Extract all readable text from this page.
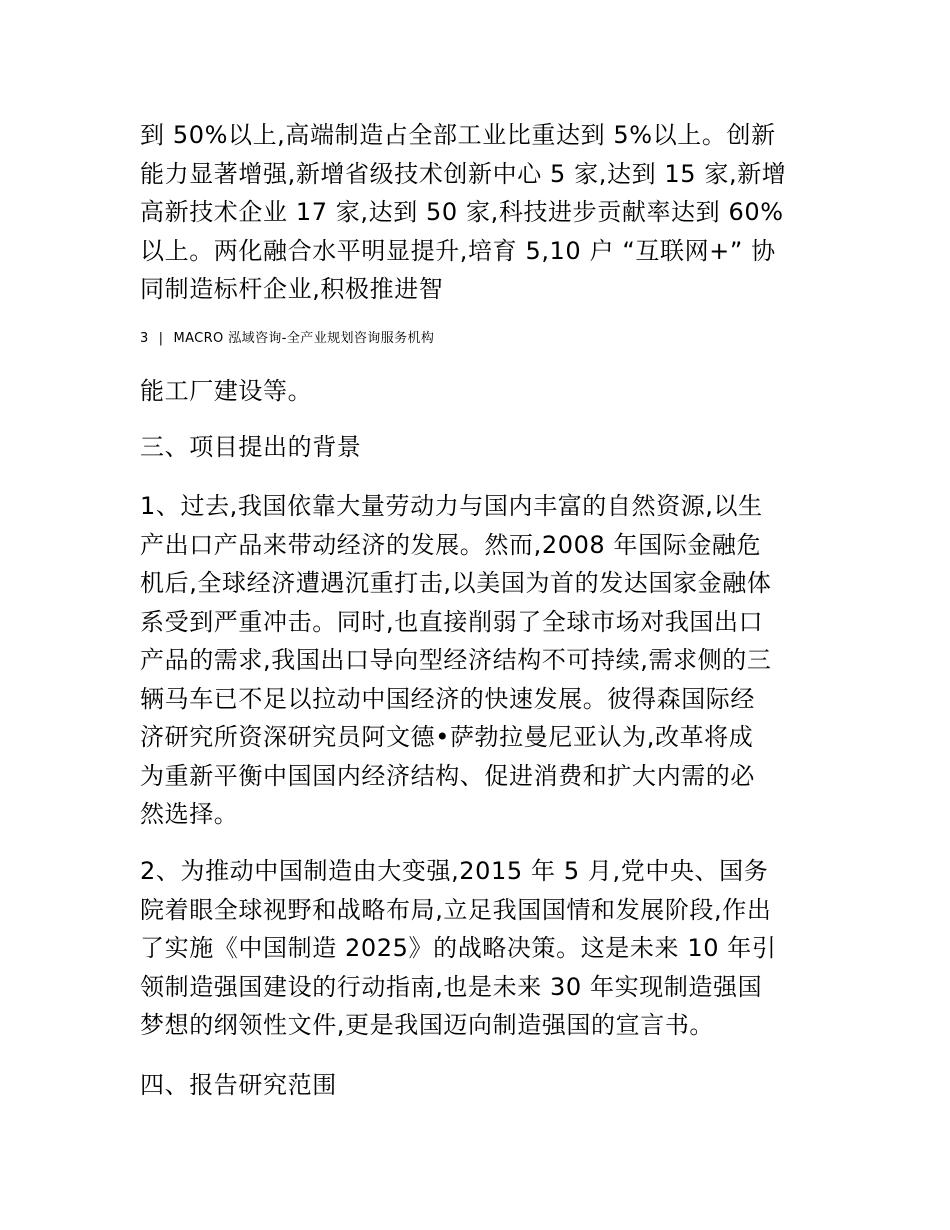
到 50%以上,高端制造占全部工业比重达到 5%以上。创新
能力显著增强,新增省级技术创新中心 5 家,达到 15 家,新增
高新技术企业 17 家,达到 50 家,科技进步贡献率达到 60%
以上。两化融合水平明显提升,培育 5,10 户 “互联网+” 协
同制造标杆企业,积极推进智
3 | MACRO 泓域咨询-全产业规划咨询服务机构
能工厂建设等。
三、项目提出的背景
1、过去,我国依靠大量劳动力与国内丰富的自然资源,以生
产出口产品来带动经济的发展。然而,2008 年国际金融危
机后,全球经济遭遇沉重打击,以美国为首的发达国家金融体
系受到严重冲击。同时,也直接削弱了全球市场对我国出口
产品的需求,我国出口导向型经济结构不可持续,需求侧的三
辆马车已不足以拉动中国经济的快速发展。彼得森国际经
济研究所资深研究员阿文德•萨勃拉曼尼亚认为,改革将成
为重新平衡中国国内经济结构、促进消费和扩大内需的必
然选择。
2、为推动中国制造由大变强,2015 年 5 月,党中央、国务
院着眼全球视野和战略布局,立足我国国情和发展阶段,作出
了实施《中国制造 2025》的战略决策。这是未来 10 年引
领制造强国建设的行动指南,也是未来 30 年实现制造强国
梦想的纲领性文件,更是我国迈向制造强国的宣言书。
四、报告研究范围
